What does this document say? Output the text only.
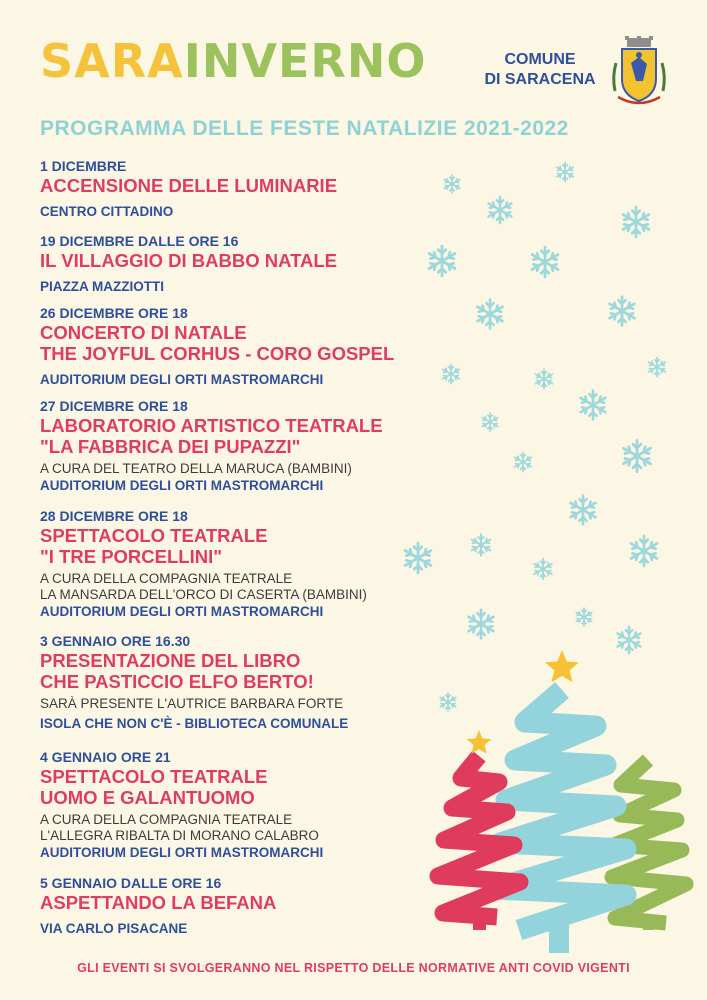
SARAINVERNO	COMUNE
DI SARACENA
PROGRAMMA DELLE FESTE NATALIZIE 2021-2022
1 DICEMBRE
ACCENSIONE DELLE LUMINARIE
CENTRO CITTADINO
19 DICEMBRE DALLE ORE 16
IL VILLAGGIO DI BABBO NATALE
PIAZZA MAZZIOTTI
26 DICEMBRE ORE 18
CONCERTO DI NATALE
THE JOYFUL CORHUS - CORO GOSPEL
AUDITORIUM DEGLI ORTI MASTROMARCHI
27 DICEMBRE ORE 18
LABORATORIO ARTISTICO TEATRALE
"LA FABBRICA DEI PUPAZZI"
A CURA DEL TEATRO DELLA MARUCA (BAMBINI)
AUDITORIUM DEGLI ORTI MASTROMARCHI
28 DICEMBRE ORE 18
SPETTACOLO TEATRALE
"I TRE PORCELLINI"
A CURA DELLA COMPAGNIA TEATRALE
LA MANSARDA DELL'ORCO DI CASERTA (BAMBINI)
AUDITORIUM DEGLI ORTI MASTROMARCHI
3 GENNAIO ORE 16.30
PRESENTAZIONE DEL LIBRO
CHE PASTICCIO ELFO BERTO!
SARÀ PRESENTE L'AUTRICE BARBARA FORTE
ISOLA CHE NON C'È - BIBLIOTECA COMUNALE
4 GENNAIO ORE 21
SPETTACOLO TEATRALE
UOMO E GALANTUOMO
A CURA DELLA COMPAGNIA TEATRALE
L'ALLEGRA RIBALTA DI MORANO CALABRO
AUDITORIUM DEGLI ORTI MASTROMARCHI
5 GENNAIO DALLE ORE 16
ASPETTANDO LA BEFANA
VIA CARLO PISACANE
GLI EVENTI SI SVOLGERANNO NEL RISPETTO DELLE NORMATIVE ANTI COVID VIGENTI
